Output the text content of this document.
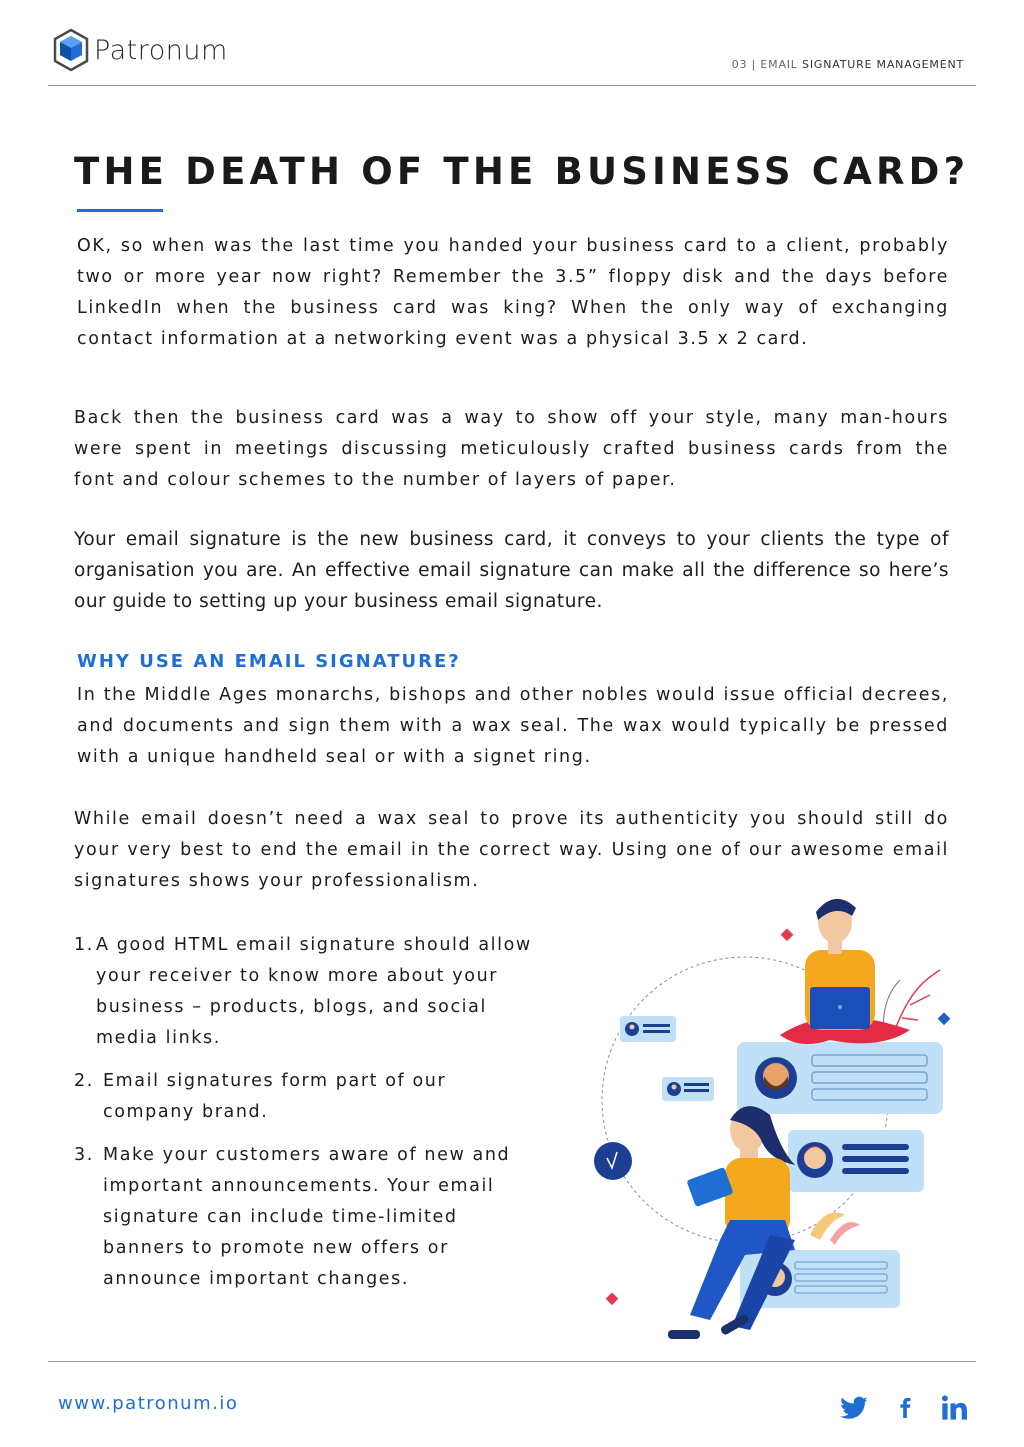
Patronum	03 | EMAIL SIGNATURE MANAGEMENT
THE DEATH OF THE BUSINESS CARD?

OK, so when was the last time you handed your business card to a client, probably two or more year now right? Remember the 3.5” floppy disk and the days before LinkedIn when the business card was king? When the only way of exchanging contact information at a networking event was a physical 3.5 x 2 card.

Back then the business card was a way to show off your style, many man-hours were spent in meetings discussing meticulously crafted business cards from the font and colour schemes to the number of layers of paper.

Your email signature is the new business card, it conveys to your clients the type of organisation you are. An effective email signature can make all the difference so here’s our guide to setting up your business email signature.

WHY USE AN EMAIL SIGNATURE?

In the Middle Ages monarchs, bishops and other nobles would issue official decrees, and documents and sign them with a wax seal. The wax would typically be pressed with a unique handheld seal or with a signet ring.

While email doesn’t need a wax seal to prove its authenticity you should still do your very best to end the email in the correct way. Using one of our awesome email signatures shows your professionalism.

1. A good HTML email signature should allow your receiver to know more about your business – products, blogs, and social media links.
2. Email signatures form part of our company brand.
3. Make your customers aware of new and important announcements. Your email signature can include time-limited banners to promote new offers or announce important changes.
www.patronum.io
